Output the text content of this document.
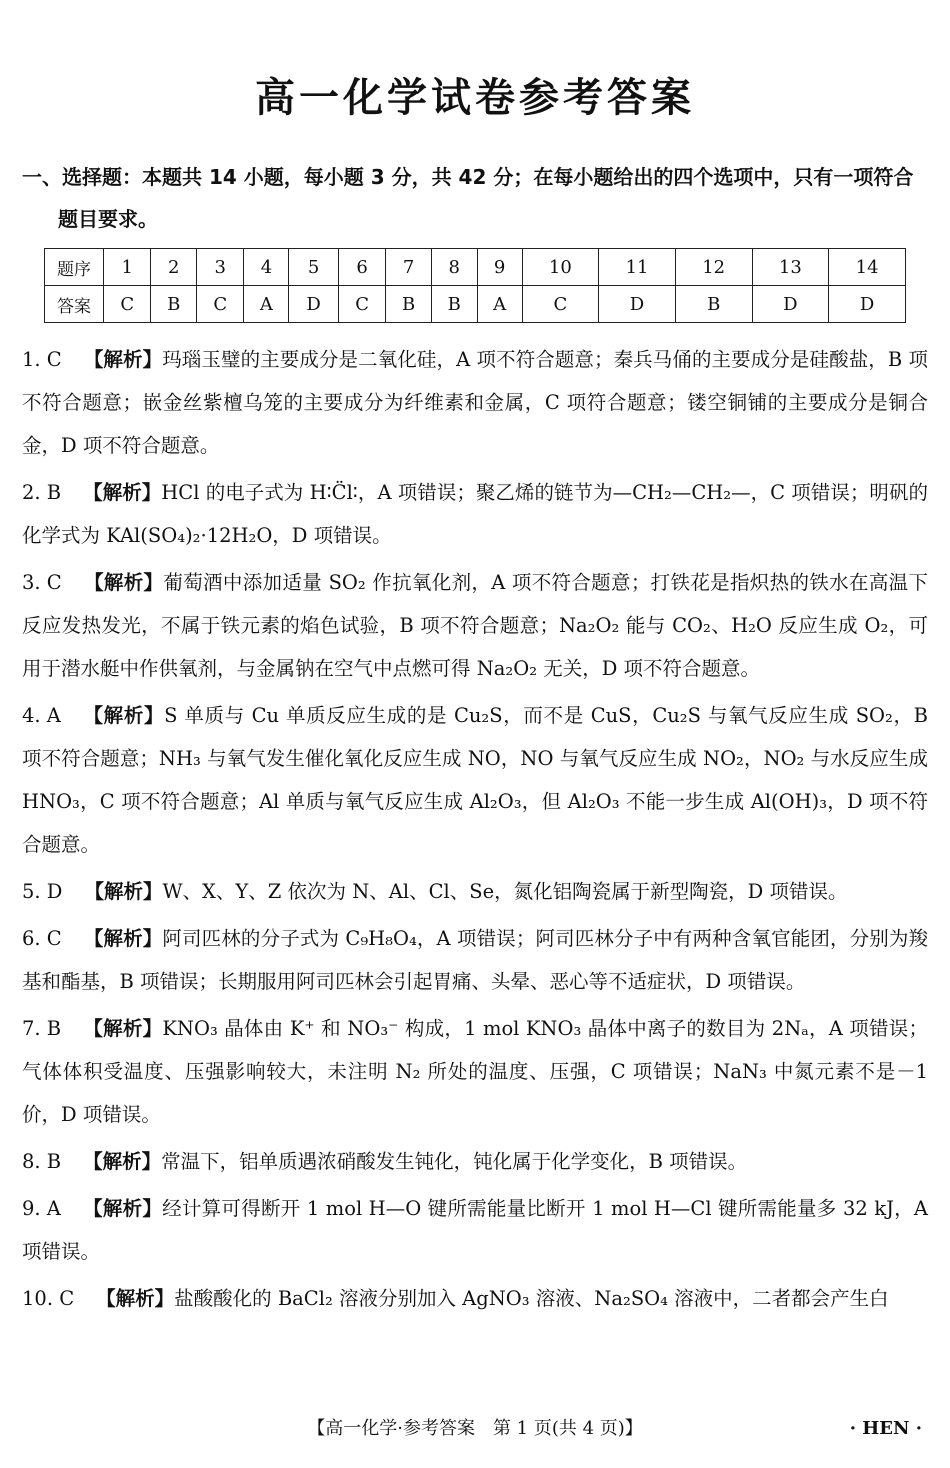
高一化学试卷参考答案
一、选择题：本题共 14 小题，每小题 3 分，共 42 分；在每小题给出的四个选项中，只有一项符合
题目要求。
题序	1	2	3	4	5	6	7	8	9	10	11	12	13	14
答案	C	B	C	A	D	C	B	B	A	C	D	B	D	D
1. C 【解析】玛瑙玉璧的主要成分是二氧化硅，A 项不符合题意；秦兵马俑的主要成分是硅酸盐，B 项不符合题意；嵌金丝紫檀乌笼的主要成分为纤维素和金属，C 项符合题意；镂空铜铺的主要成分是铜合金，D 项不符合题意。
2. B 【解析】HCl 的电子式为 H∶C̈l∶，A 项错误；聚乙烯的链节为—CH₂—CH₂—，C 项错误；明矾的化学式为 KAl(SO₄)₂·12H₂O，D 项错误。
3. C 【解析】葡萄酒中添加适量 SO₂ 作抗氧化剂，A 项不符合题意；打铁花是指炽热的铁水在高温下反应发热发光，不属于铁元素的焰色试验，B 项不符合题意；Na₂O₂ 能与 CO₂、H₂O 反应生成 O₂，可用于潜水艇中作供氧剂，与金属钠在空气中点燃可得 Na₂O₂ 无关，D 项不符合题意。
4. A 【解析】S 单质与 Cu 单质反应生成的是 Cu₂S，而不是 CuS，Cu₂S 与氧气反应生成 SO₂，B 项不符合题意；NH₃ 与氧气发生催化氧化反应生成 NO，NO 与氧气反应生成 NO₂，NO₂ 与水反应生成 HNO₃，C 项不符合题意；Al 单质与氧气反应生成 Al₂O₃，但 Al₂O₃ 不能一步生成 Al(OH)₃，D 项不符合题意。
5. D 【解析】W、X、Y、Z 依次为 N、Al、Cl、Se，氮化铝陶瓷属于新型陶瓷，D 项错误。
6. C 【解析】阿司匹林的分子式为 C₉H₈O₄，A 项错误；阿司匹林分子中有两种含氧官能团，分别为羧基和酯基，B 项错误；长期服用阿司匹林会引起胃痛、头晕、恶心等不适症状，D 项错误。
7. B 【解析】KNO₃ 晶体由 K⁺ 和 NO₃⁻ 构成，1 mol KNO₃ 晶体中离子的数目为 2Nₐ，A 项错误；气体体积受温度、压强影响较大，未注明 N₂ 所处的温度、压强，C 项错误；NaN₃ 中氮元素不是－1 价，D 项错误。
8. B 【解析】常温下，铝单质遇浓硝酸发生钝化，钝化属于化学变化，B 项错误。
9. A 【解析】经计算可得断开 1 mol H—O 键所需能量比断开 1 mol H—Cl 键所需能量多 32 kJ，A 项错误。
10. C 【解析】盐酸酸化的 BaCl₂ 溶液分别加入 AgNO₃ 溶液、Na₂SO₄ 溶液中，二者都会产生白
【高一化学·参考答案　第 1 页(共 4 页)】	· HEN ·
